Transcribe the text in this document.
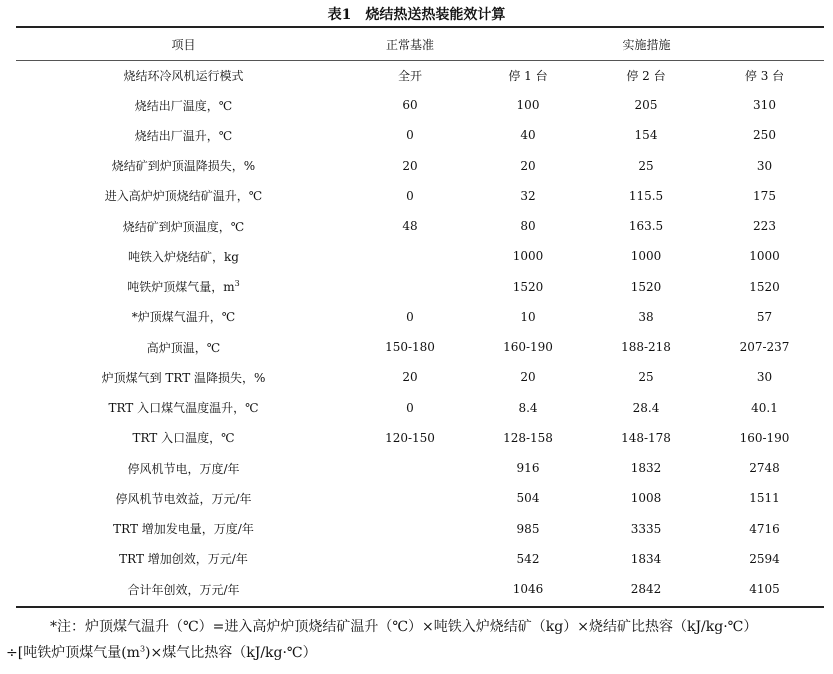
表1 烧结热送热装能效计算
项目	正常基准	实施措施		
烧结环冷风机运行模式	全开	停 1 台	停 2 台	停 3 台
烧结出厂温度，℃	60	100	205	310
烧结出厂温升，℃	0	40	154	250
烧结矿到炉顶温降损失，%	20	20	25	30
进入高炉炉顶烧结矿温升，℃	0	32	115.5	175
烧结矿到炉顶温度，℃	48	80	163.5	223
吨铁入炉烧结矿，kg		1000	1000	1000
吨铁炉顶煤气量，$m^3$		1520	1520	1520
*炉顶煤气温升，℃	0	10	38	57
高炉顶温，℃	150-180	160-190	188-218	207-237
炉顶煤气到 TRT 温降损失，%	20	20	25	30
TRT 入口煤气温度温升，℃	0	8.4	28.4	40.1
TRT 入口温度，℃	120-150	128-158	148-178	160-190
停风机节电，万度/年		916	1832	2748
停风机节电效益，万元/年		504	1008	1511
TRT 增加发电量，万度/年		985	3335	4716
TRT 增加创效，万元/年		542	1834	2594
合计年创效，万元/年		1046	2842	4105
*注：炉顶煤气温升（℃）=进入高炉炉顶烧结矿温升（℃）×吨铁入炉烧结矿（kg）×烧结矿比热容（kJ/kg·℃）
÷[吨铁炉顶煤气量$(m^3)\times$煤气比热容（kJ/kg·℃）
